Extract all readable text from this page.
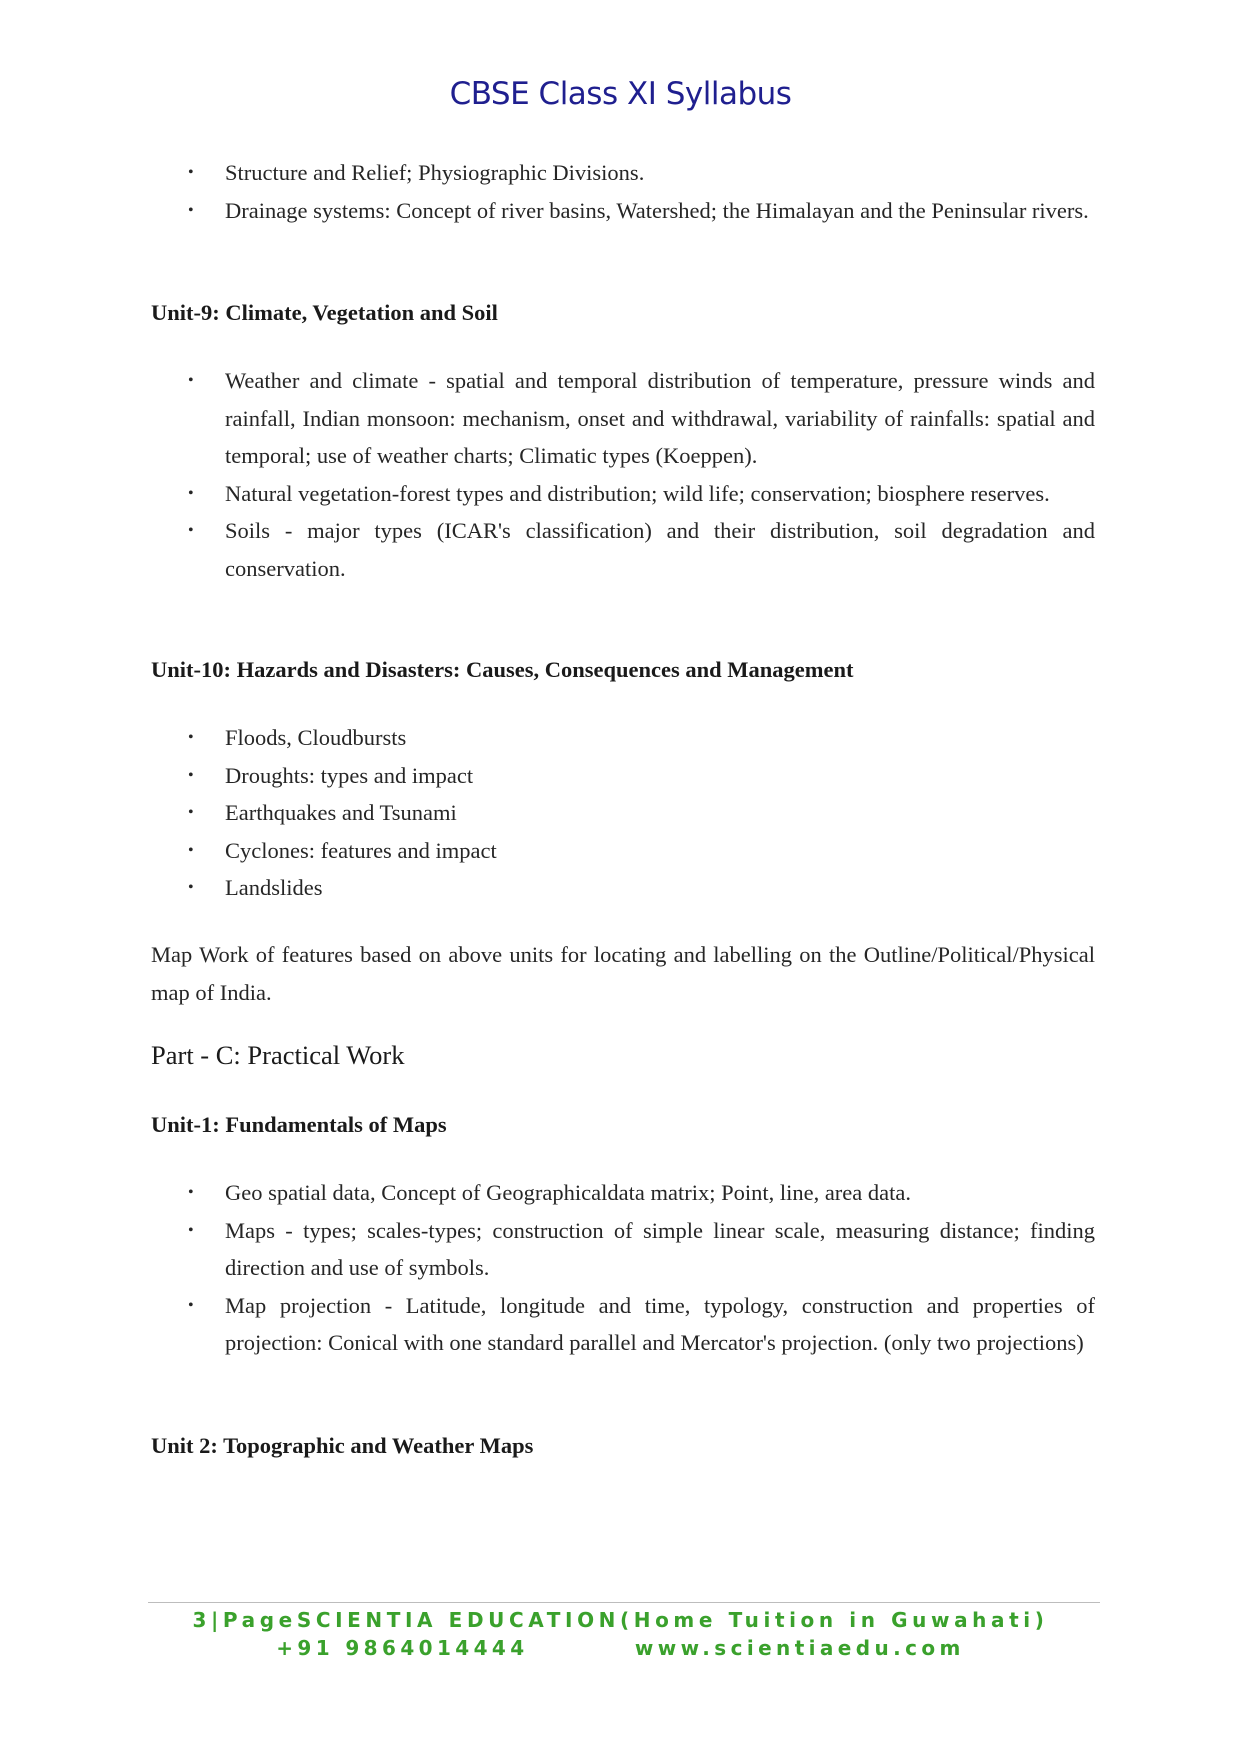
CBSE Class XI Syllabus
• Structure and Relief; Physiographic Divisions.
• Drainage systems: Concept of river basins, Watershed; the Himalayan and the Peninsular rivers.
Unit-9: Climate, Vegetation and Soil
• Weather and climate - spatial and temporal distribution of temperature, pressure winds and rainfall, Indian monsoon: mechanism, onset and withdrawal, variability of rainfalls: spatial and temporal; use of weather charts; Climatic types (Koeppen).
• Natural vegetation-forest types and distribution; wild life; conservation; biosphere reserves.
• Soils - major types (ICAR's classification) and their distribution, soil degradation and conservation.
Unit-10: Hazards and Disasters: Causes, Consequences and Management
• Floods, Cloudbursts
• Droughts: types and impact
• Earthquakes and Tsunami
• Cyclones: features and impact
• Landslides
Map Work of features based on above units for locating and labelling on the Outline/Political/Physical map of India.
Part - C: Practical Work
Unit-1: Fundamentals of Maps
• Geo spatial data, Concept of Geographicaldata matrix; Point, line, area data.
• Maps - types; scales-types; construction of simple linear scale, measuring distance; finding direction and use of symbols.
• Map projection - Latitude, longitude and time, typology, construction and properties of projection: Conical with one standard parallel and Mercator's projection. (only two projections)
Unit 2: Topographic and Weather Maps
3|PageSCIENTIA EDUCATION(Home Tuition in Guwahati)
+91 9864014444	www.scientiaedu.com
